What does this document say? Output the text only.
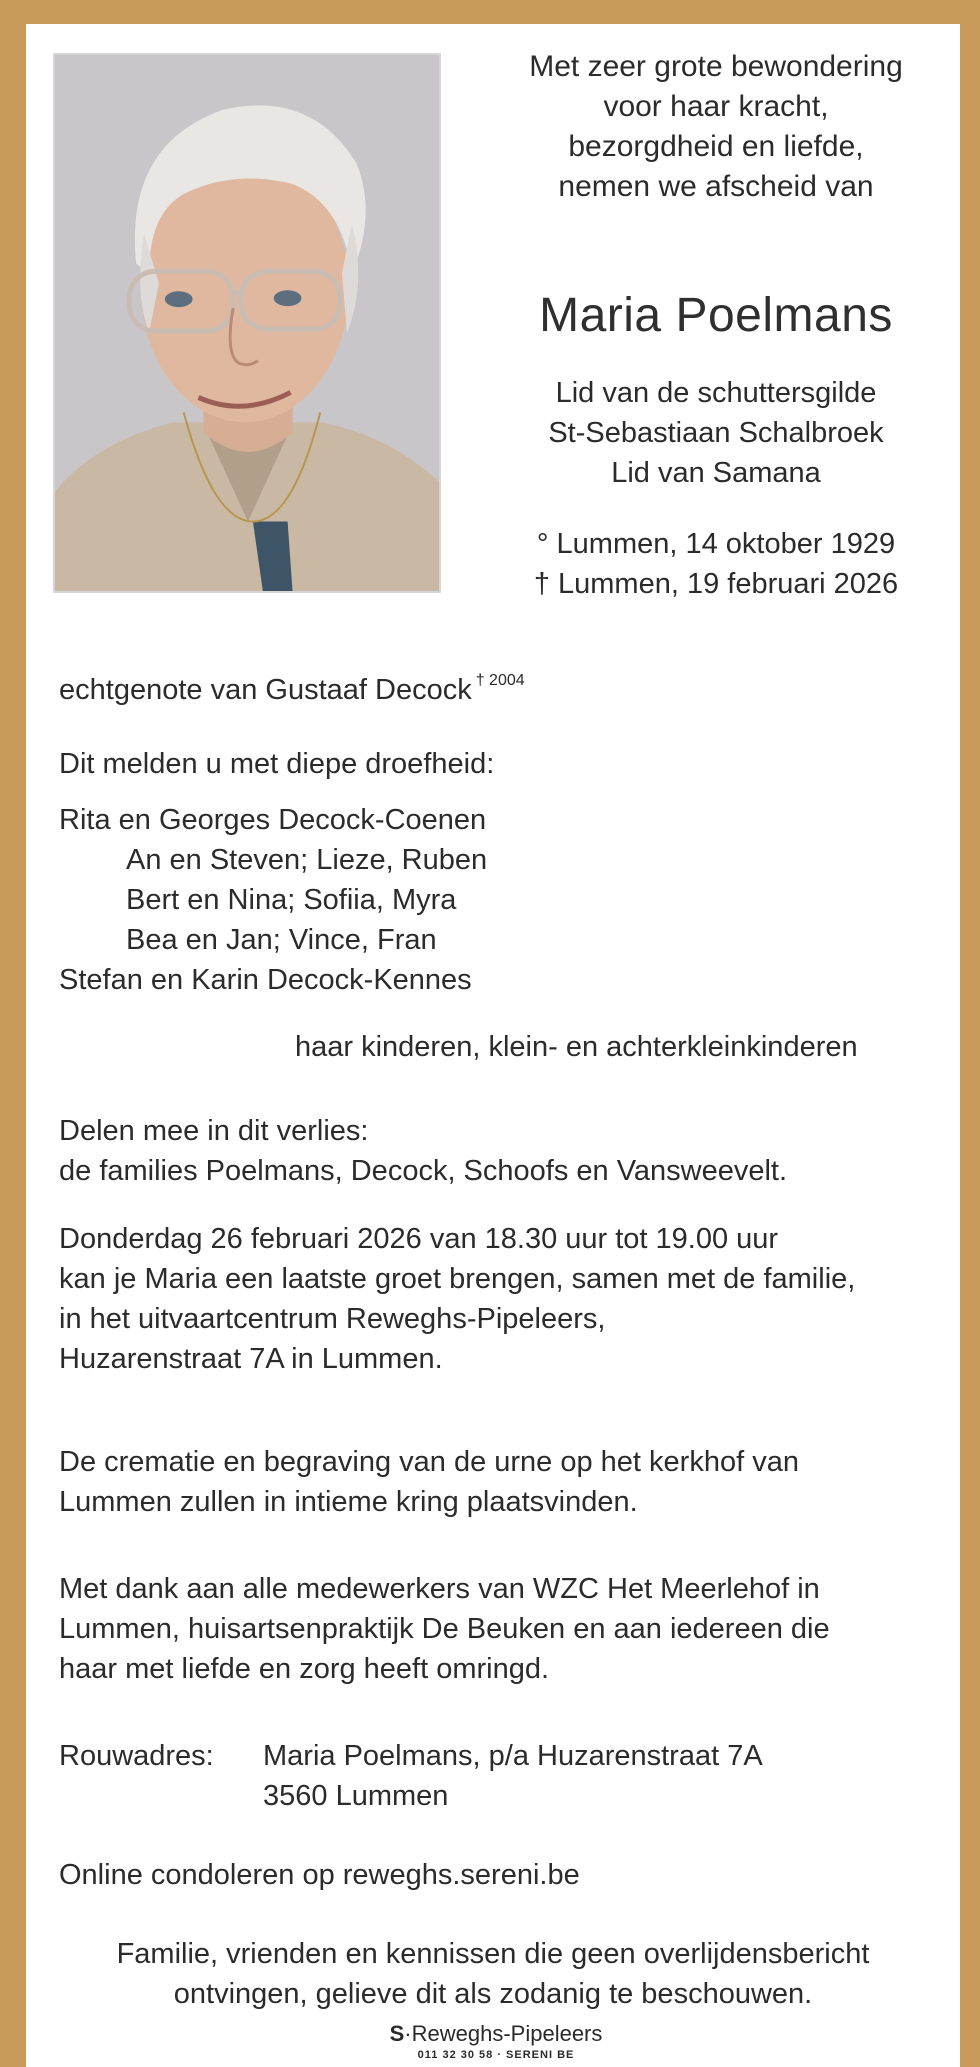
Met zeer grote bewondering
voor haar kracht,
bezorgdheid en liefde,
nemen we afscheid van
Maria Poelmans
Lid van de schuttersgilde
St-Sebastiaan Schalbroek
Lid van Samana
° Lummen, 14 oktober 1929
† Lummen, 19 februari 2026
echtgenote van Gustaaf Decock $^{\dagger 2004}$
Dit melden u met diepe droefheid:
Rita en Georges Decock-Coenen
An en Steven; Lieze, Ruben
Bert en Nina; Sofiia, Myra
Bea en Jan; Vince, Fran
Stefan en Karin Decock-Kennes
haar kinderen, klein- en achterkleinkinderen
Delen mee in dit verlies:
de families Poelmans, Decock, Schoofs en Vansweevelt.
Donderdag 26 februari 2026 van 18.30 uur tot 19.00 uur
kan je Maria een laatste groet brengen, samen met de familie,
in het uitvaartcentrum Reweghs-Pipeleers,
Huzarenstraat 7A in Lummen.
De crematie en begraving van de urne op het kerkhof van
Lummen zullen in intieme kring plaatsvinden.
Met dank aan alle medewerkers van WZC Het Meerlehof in
Lummen, huisartsenpraktijk De Beuken en aan iedereen die
haar met liefde en zorg heeft omringd.
Rouwadres: Maria Poelmans, p/a Huzarenstraat 7A
3560 Lummen
Online condoleren op reweghs.sereni.be
Familie, vrienden en kennissen die geen overlijdensbericht
ontvingen, gelieve dit als zodanig te beschouwen.
S·Reweghs-Pipeleers
011 32 30 58 · SERENI BE
